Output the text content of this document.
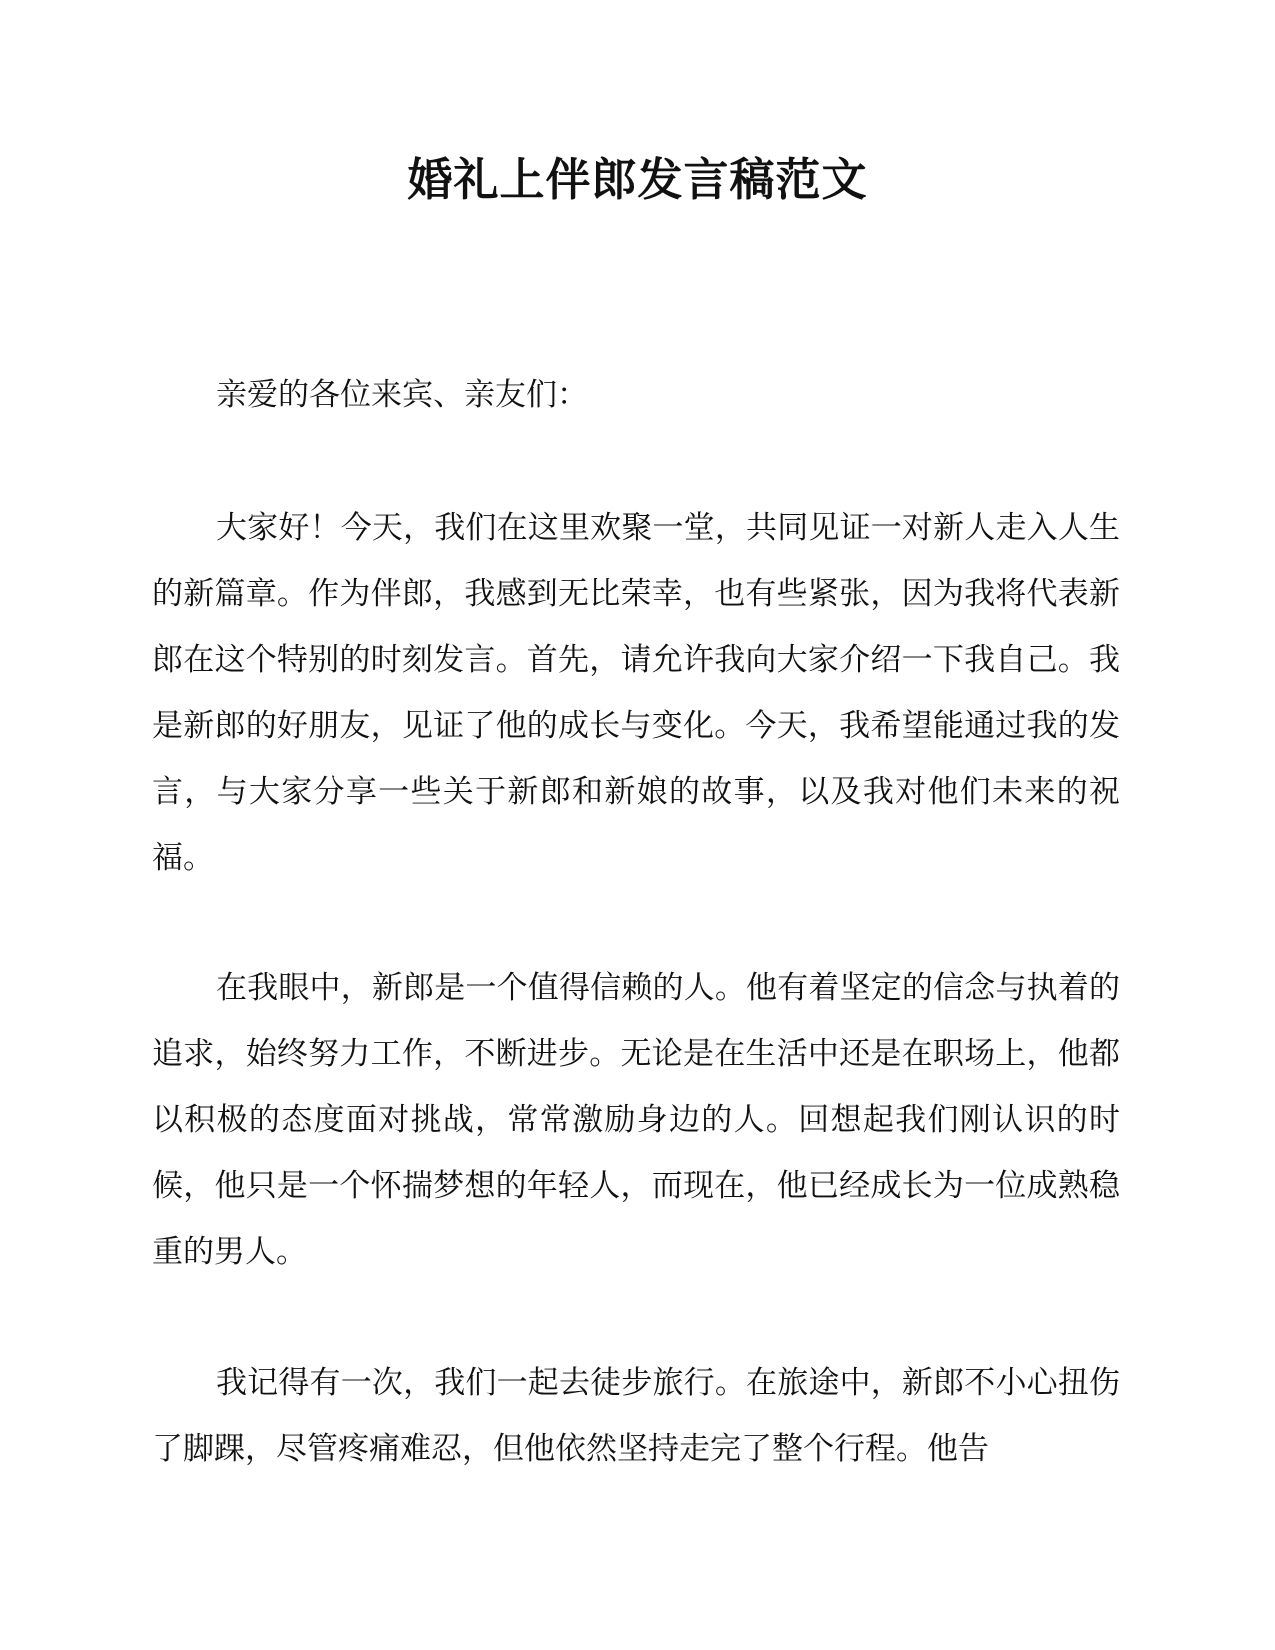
婚礼上伴郎发言稿范文

亲爱的各位来宾、亲友们：

大家好！今天，我们在这里欢聚一堂，共同见证一对新人走入人生的新篇章。作为伴郎，我感到无比荣幸，也有些紧张，因为我将代表新郎在这个特别的时刻发言。首先，请允许我向大家介绍一下我自己。我是新郎的好朋友，见证了他的成长与变化。今天，我希望能通过我的发言，与大家分享一些关于新郎和新娘的故事，以及我对他们未来的祝福。

在我眼中，新郎是一个值得信赖的人。他有着坚定的信念与执着的追求，始终努力工作，不断进步。无论是在生活中还是在职场上，他都以积极的态度面对挑战，常常激励身边的人。回想起我们刚认识的时候，他只是一个怀揣梦想的年轻人，而现在，他已经成长为一位成熟稳重的男人。

我记得有一次，我们一起去徒步旅行。在旅途中，新郎不小心扭伤了脚踝，尽管疼痛难忍，但他依然坚持走完了整个行程。他告
